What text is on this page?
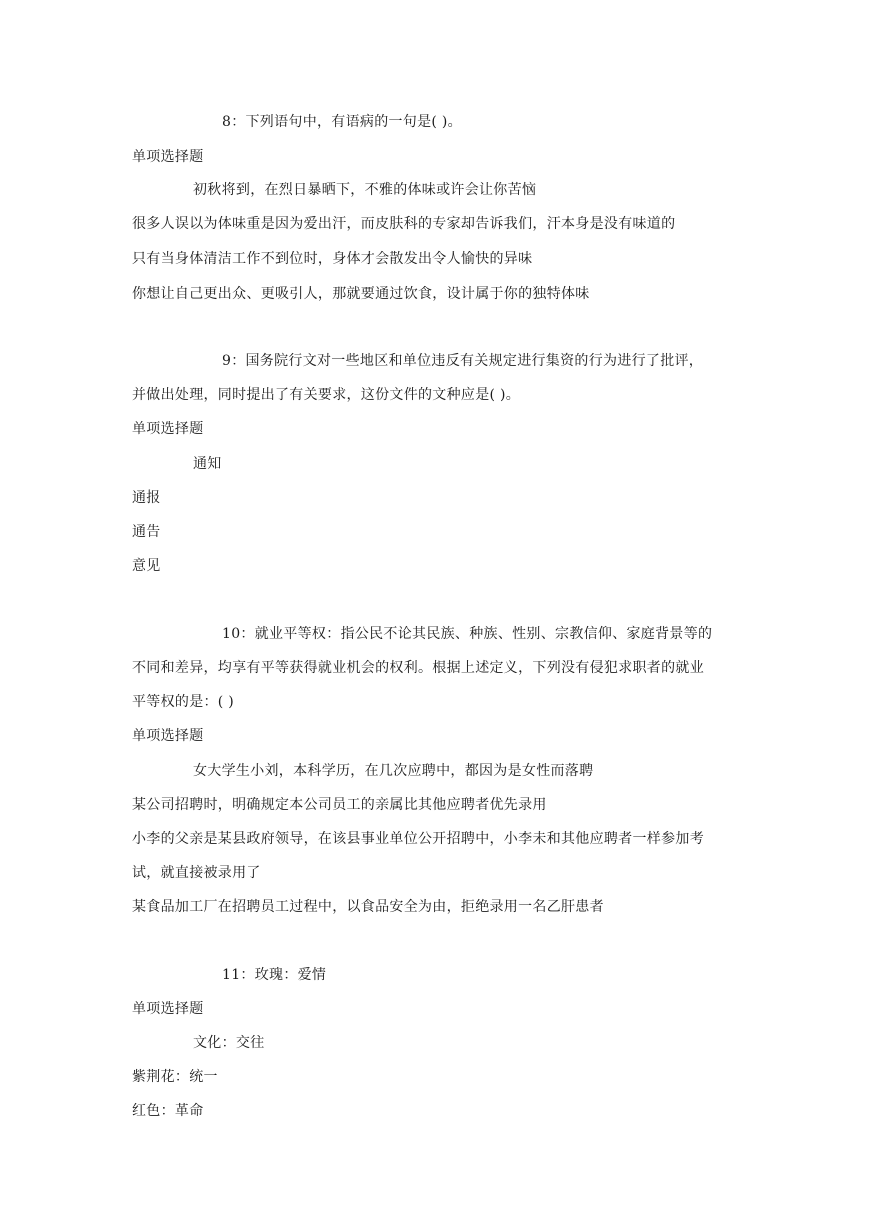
8：下列语句中，有语病的一句是( )。
单项选择题
初秋将到，在烈日暴晒下，不雅的体味或许会让你苦恼
很多人误以为体味重是因为爱出汗，而皮肤科的专家却告诉我们，汗本身是没有味道的
只有当身体清洁工作不到位时，身体才会散发出令人愉快的异味
你想让自己更出众、更吸引人，那就要通过饮食，设计属于你的独特体味
9：国务院行文对一些地区和单位违反有关规定进行集资的行为进行了批评，
并做出处理，同时提出了有关要求，这份文件的文种应是( )。
单项选择题
通知
通报
通告
意见
10：就业平等权：指公民不论其民族、种族、性别、宗教信仰、家庭背景等的
不同和差异，均享有平等获得就业机会的权利。根据上述定义，下列没有侵犯求职者的就业
平等权的是：( )
单项选择题
女大学生小刘，本科学历，在几次应聘中，都因为是女性而落聘
某公司招聘时，明确规定本公司员工的亲属比其他应聘者优先录用
小李的父亲是某县政府领导，在该县事业单位公开招聘中，小李未和其他应聘者一样参加考
试，就直接被录用了
某食品加工厂在招聘员工过程中，以食品安全为由，拒绝录用一名乙肝患者
11：玫瑰：爱情
单项选择题
文化：交往
紫荆花：统一
红色：革命
